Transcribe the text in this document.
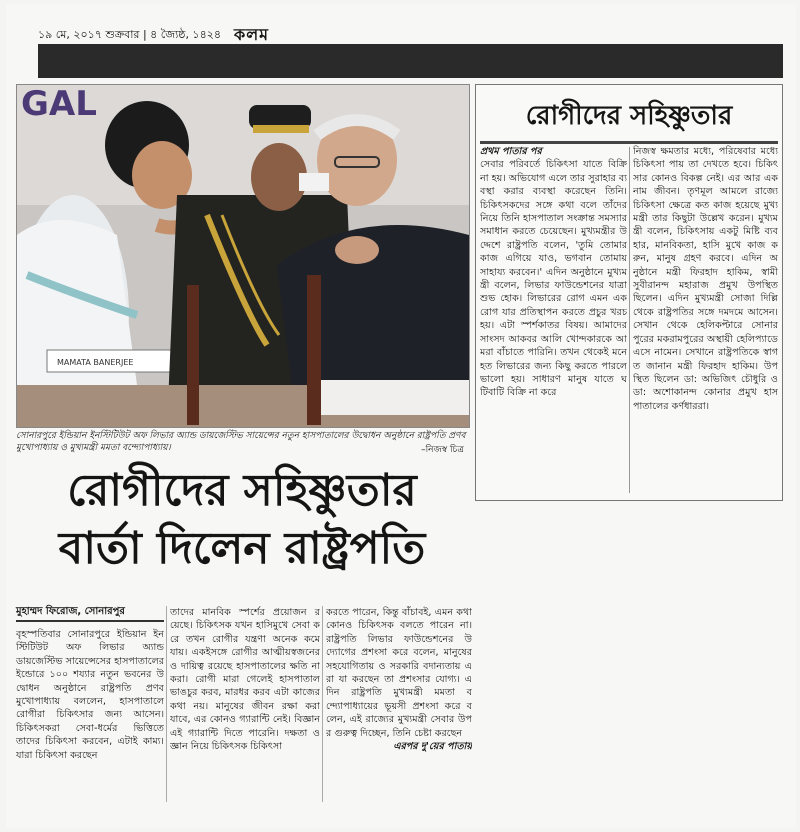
১৯ মে, ২০১৭ শুক্রবার | ৪ জ্যৈষ্ঠ, ১৪২৪ কলম
GAL
MAMATA BANERJEE
সোনারপুরে ইন্ডিয়ান ইনস্টিটিউট অফ লিভার অ্যান্ড ডায়জেস্টিভ সায়েন্সের নতুন হাসপাতালের উদ্বোধন অনুষ্ঠানে রাষ্ট্রপতি প্রণব মুখোপাধ্যায় ও মুখ্যমন্ত্রী মমতা বন্দ্যোপাধ্যায়।	–নিজস্ব চিত্র
রোগীদের সহিষ্ণুতার
প্রথম পাতার পর
সেবার পরিবর্তে চিকিৎসা যাতে বিক্রি না হয়। অভিযোগ এলে তার সুরাহার ব্যবস্থা করার ব্যবস্থা করেছেন তিনি। চিকিৎসকদের সঙ্গে কথা বলে তাঁদের নিয়ে তিনি হাসপাতাল সংক্রান্ত সমস্যার সমাধান করতে চেয়েছেন। মুখ্যমন্ত্রীর উদ্দেশে রাষ্ট্রপতি বলেন, 'তুমি তোমার কাজ এগিয়ে যাও, ভগবান তোমায় সাহায্য করবেন।' এদিন অনুষ্ঠানে মুখ্যমন্ত্রী বলেন, লিভার ফাউন্ডেশনের যাত্রা শুভ হোক। লিভারের রোগ এমন এক রোগ যার প্রতিস্থাপন করতে প্রচুর খরচ হয়। এটা স্পর্শকাতর বিষয়। আমাদের সাংসদ আকবর আলি খোন্দকারকে আমরা বাঁচাতে পারিনি। তখন থেকেই মনে হত লিভারের জন্য কিছু করতে পারলে ভালো হয়। সাধারণ মানুষ যাতে ঘটিবাটি বিক্রি না করে
নিজস্ব ক্ষমতার মধ্যে, পরিষেবার মধ্যে চিকিৎসা পায় তা দেখতে হবে। চিকিৎসার কোনও বিকল্প নেই। এর আর এক নাম জীবন। তৃণমূল আমলে রাজ্যে চিকিৎসা ক্ষেত্রে কত কাজ হয়েছে মুখ্যমন্ত্রী তার কিছুটা উল্লেখ করেন। মুখ্যমন্ত্রী বলেন, চিকিৎসায় একটু মিষ্টি ব্যবহার, মানবিকতা, হাসি মুখে কাজ করুন, মানুষ গ্রহণ করবে। এদিন অনুষ্ঠানে মন্ত্রী ফিরহাদ হাকিম, স্বামী সুবীরানন্দ মহারাজ প্রমুখ উপস্থিত ছিলেন। এদিন মুখ্যমন্ত্রী সোজা দিল্লি থেকে রাষ্ট্রপতির সঙ্গে দমদমে আসেন। সেখান থেকে হেলিকপ্টারে সোনারপুরের মকরামপুরের অস্থায়ী হেলিপ্যাডে এসে নামেন। সেখানে রাষ্ট্রপতিকে স্বাগত জানান মন্ত্রী ফিরহাদ হাকিম। উপস্থিত ছিলেন ডা: অভিজিৎ চৌধুরি ও ডা: অশোকানন্দ কোনার প্রমুখ হাসপাতালের কর্ণধাররা।
রোগীদের সহিষ্ণুতার
বার্তা দিলেন রাষ্ট্রপতি
মুহাম্মদ ফিরোজ, সোনারপুর
বৃহস্পতিবার সোনারপুরে ইন্ডিয়ান ইনস্টিটিউট অফ লিভার অ্যান্ড ডায়জেস্টিভ সায়েন্সেসের হাসপাতালের ইন্ডোরে ১০০ শয্যার নতুন ভবনের উদ্বোধন অনুষ্ঠানে রাষ্ট্রপতি প্রণব মুখোপাধ্যায় বললেন, হাসপাতালে রোগীরা চিকিৎসার জন্য আসেন। চিকিৎসকরা সেবা-ধর্মের ভিত্তিতে তাদের চিকিৎসা করবেন, এটাই কাম্য। যারা চিকিৎসা করছেন
তাদের মানবিক স্পর্শের প্রয়োজন রয়েছে। চিকিৎসক যখন হাসিমুখে সেবা করে তখন রোগীর যন্ত্রণা অনেক কমে যায়। একইসঙ্গে রোগীর আত্মীয়স্বজনেরও দায়িত্ব রয়েছে হাসপাতালের ক্ষতি না করা। রোগী মারা গেলেই হাসপাতাল ভাঙচুর করব, মারধর করব এটা কাজের কথা নয়। মানুষের জীবন রক্ষা করা যাবে, এর কোনও গ্যারান্টি নেই। বিজ্ঞান এই গ্যারান্টি দিতে পারেনি। দক্ষতা ও জ্ঞান নিয়ে চিকিৎসক চিকিৎসা
করতে পারেন, কিন্তু বাঁচাবই, এমন কথা কোনও চিকিৎসক বলতে পারেন না। রাষ্ট্রপতি লিভার ফাউন্ডেশনের উদ্যোগের প্রশংসা করে বলেন, মানুষের সহযোগিতায় ও সরকারি বদান্যতায় এরা যা করছেন তা প্রশংসার যোগ্য। এদিন রাষ্ট্রপতি মুখ্যমন্ত্রী মমতা বন্দ্যোপাধ্যায়ের ভূয়সী প্রশংসা করে বলেন, এই রাজ্যের মুখ্যমন্ত্রী সেবার উপর গুরুত্ব দিচ্ছেন, তিনি চেষ্টা করছেন
এরপর দু'য়ের পাতায়
